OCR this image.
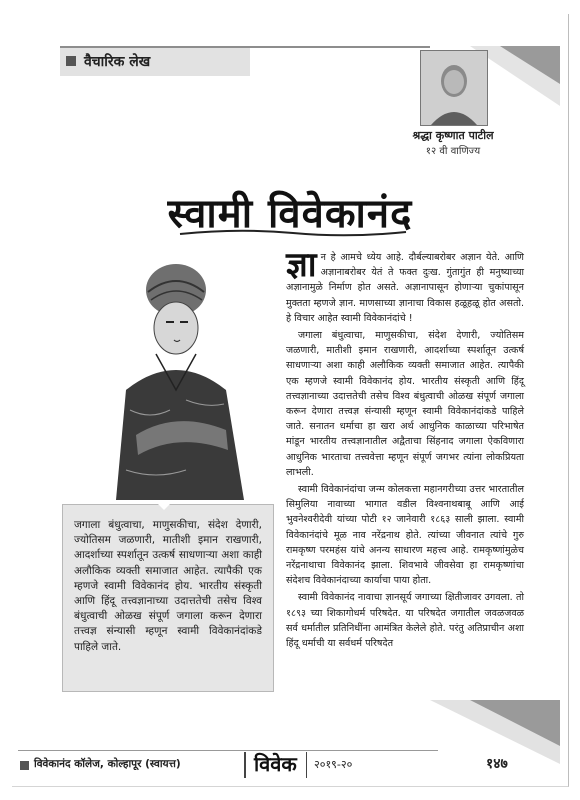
वैचारिक लेख
श्रद्धा कृष्णात पाटील
१२ वी वाणिज्य
स्वामी विवेकानंद
जगाला बंधुत्वाचा, माणुसकीचा, संदेश देणारी, ज्योतिसम जळणारी, मातीशी इमान राखणारी, आदर्शाच्या स्पर्शातून उत्कर्ष साधणाऱ्या अशा काही अलौकिक व्यक्ती समाजात आहेत. त्यापैकी एक म्हणजे स्वामी विवेकानंद होय. भारतीय संस्कृती आणि हिंदू तत्त्वज्ञानाच्या उदात्ततेची तसेच विश्व बंधुत्वाची ओळख संपूर्ण जगाला करून देणारा तत्त्वज्ञ संन्यासी म्हणून स्वामी विवेकानंदांकडे पाहिले जाते.

ज्ञा न हे आमचे ध्येय आहे. दौर्बल्याबरोबर अज्ञान येते. आणि अज्ञानाबरोबर येतं ते फक्त दुःख. गुंतागुंत ही मनुष्याच्या अज्ञानामुळे निर्माण होत असते. अज्ञानापासून होणाऱ्या चुकांपासून मुक्तता म्हणजे ज्ञान. माणसाच्या ज्ञानाचा विकास हळूहळू होत असतो. हे विचार आहेत स्वामी विवेकानंदांचे !

जगाला बंधुत्वाचा, माणुसकीचा, संदेश देणारी, ज्योतिसम जळणारी, मातीशी इमान राखणारी, आदर्शाच्या स्पर्शातून उत्कर्ष साधणाऱ्या अशा काही अलौकिक व्यक्ती समाजात आहेत. त्यापैकी एक म्हणजे स्वामी विवेकानंद होय. भारतीय संस्कृती आणि हिंदू तत्त्वज्ञानाच्या उदात्ततेची तसेच विश्व बंधुत्वाची ओळख संपूर्ण जगाला करून देणारा तत्त्वज्ञ संन्यासी म्हणून स्वामी विवेकानंदांकडे पाहिले जाते. सनातन धर्माचा हा खरा अर्थ आधुनिक काळाच्या परिभाषेत मांडून भारतीय तत्त्वज्ञानातील अद्वैताचा सिंहनाद जगाला ऐकविणारा आधुनिक भारताचा तत्त्ववेत्ता म्हणून संपूर्ण जगभर त्यांना लोकप्रियता लाभली.

स्वामी विवेकानंदांचा जन्म कोलकत्ता महानगरीच्या उत्तर भारतातील सिमुलिया नावाच्या भागात वडील विश्वनाथबाबू आणि आई भुवनेश्वरीदेवी यांच्या पोटी १२ जानेवारी १८६३ साली झाला. स्वामी विवेकानंदांचे मूळ नाव नरेंद्रनाथ होते. त्यांच्या जीवनात त्यांचे गुरु रामकृष्ण परमहंस यांचे अनन्य साधारण महत्त्व आहे. रामकृष्णांमुळेच नरेंद्रनाथाचा विवेकानंद झाला. शिवभावे जीवसेवा हा रामकृष्णांचा संदेशच विवेकानंदाच्या कार्याचा पाया होता.

स्वामी विवेकानंद नावाचा ज्ञानसूर्य जगाच्या क्षितीजावर उगवला. तो १८९३ च्या शिकागोधर्म परिषदेत. या परिषदेत जगातील जवळजवळ सर्व धर्मातील प्रतिनिधींना आमंत्रित केलेले होते. परंतु अतिप्राचीन अशा हिंदू धर्माची या सर्वधर्म परिषदेत

विवेकानंद कॉलेज, कोल्हापूर (स्वायत्त)	विवेक २०१९-२०	१४७
